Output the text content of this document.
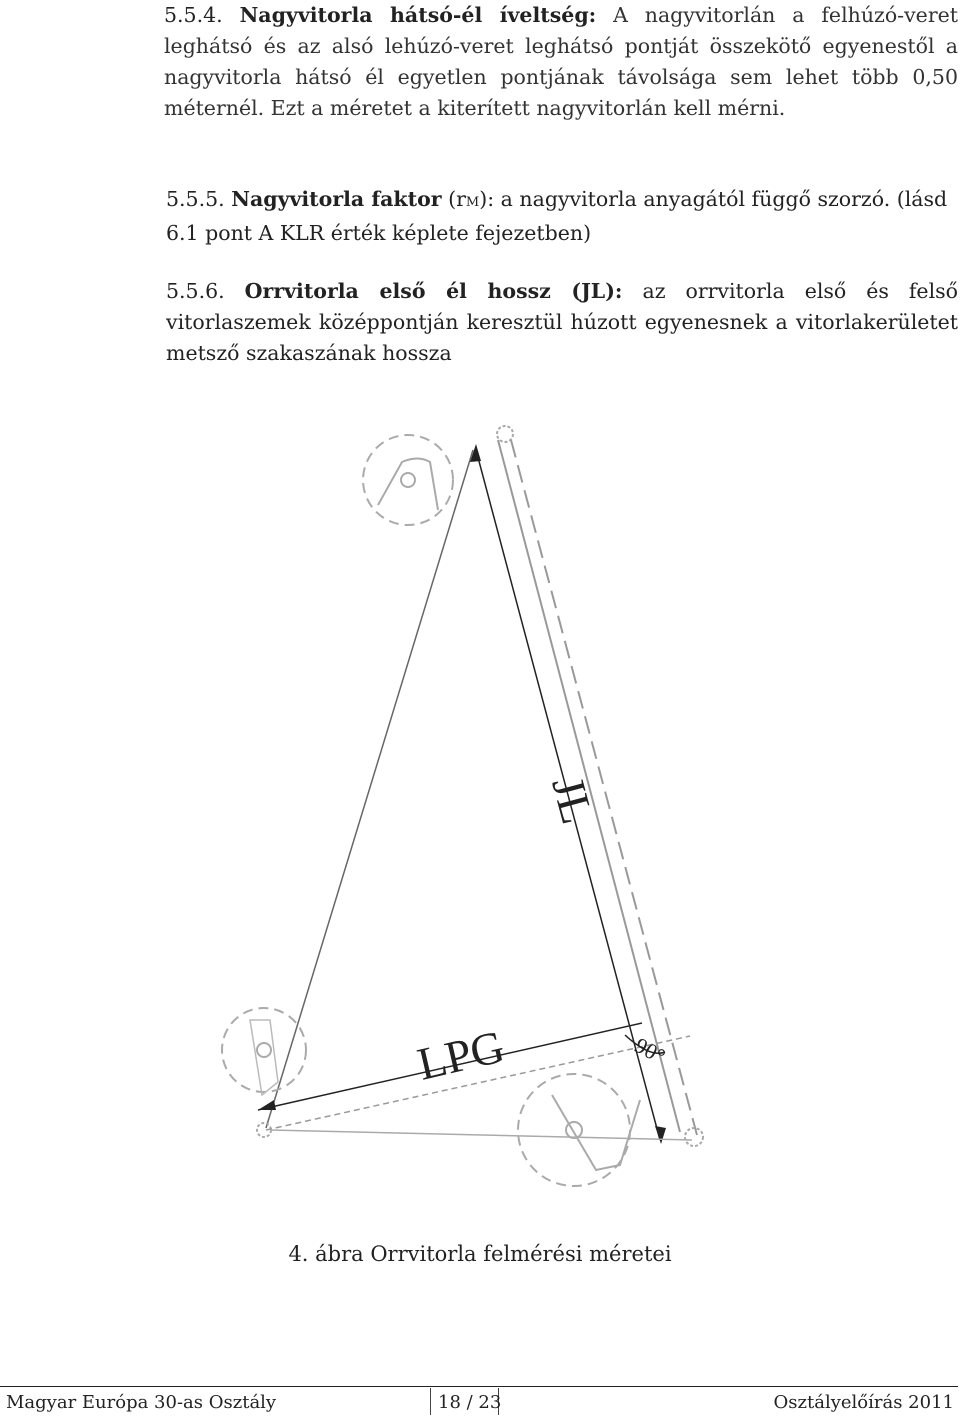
5.5.4. Nagyvitorla hátsó-él íveltség: A nagyvitorlán a felhúzó-veret leghátsó és az alsó lehúzó-veret leghátsó pontját összekötő egyenestől a nagyvitorla hátsó él egyetlen pontjának távolsága sem lehet több 0,50 méternél. Ezt a méretet a kiterített nagyvitorlán kell mérni.
5.5.5. Nagyvitorla faktor (rM): a nagyvitorla anyagától függő szorzó. (lásd 6.1 pont A KLR érték képlete fejezetben)
5.5.6. Orrvitorla első él hossz (JL): az orrvitorla első és felső vitorlaszemek középpontján keresztül húzott egyenesnek a vitorlakerületet metsző szakaszának hossza
JL
LPG	90°
4. ábra Orrvitorla felmérési méretei
Magyar Európa 30-as Osztály	18 / 23	Osztályelőírás 2011
